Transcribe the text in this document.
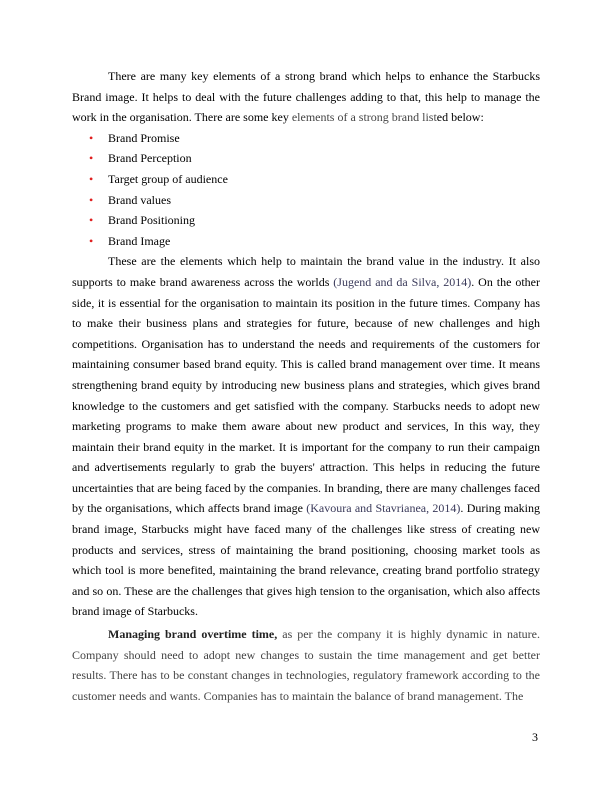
There are many key elements of a strong brand which helps to enhance the Starbucks Brand image. It helps to deal with the future challenges adding to that, this help to manage the work in the organisation. There are some key elements of a strong brand listed below:

• Brand Promise
• Brand Perception
• Target group of audience
• Brand values
• Brand Positioning
• Brand Image

These are the elements which help to maintain the brand value in the industry. It also supports to make brand awareness across the worlds (Jugend and da Silva, 2014). On the other side, it is essential for the organisation to maintain its position in the future times. Company has to make their business plans and strategies for future, because of new challenges and high competitions. Organisation has to understand the needs and requirements of the customers for maintaining consumer based brand equity. This is called brand management over time. It means strengthening brand equity by introducing new business plans and strategies, which gives brand knowledge to the customers and get satisfied with the company. Starbucks needs to adopt new marketing programs to make them aware about new product and services, In this way, they maintain their brand equity in the market. It is important for the company to run their campaign and advertisements regularly to grab the buyers' attraction. This helps in reducing the future uncertainties that are being faced by the companies. In branding, there are many challenges faced by the organisations, which affects brand image (Kavoura and Stavrianea, 2014). During making brand image, Starbucks might have faced many of the challenges like stress of creating new products and services, stress of maintaining the brand positioning, choosing market tools as which tool is more benefited, maintaining the brand relevance, creating brand portfolio strategy and so on. These are the challenges that gives high tension to the organisation, which also affects brand image of Starbucks.

Managing brand overtime time, as per the company it is highly dynamic in nature. Company should need to adopt new changes to sustain the time management and get better results. There has to be constant changes in technologies, regulatory framework according to the customer needs and wants. Companies has to maintain the balance of brand management. The

3
